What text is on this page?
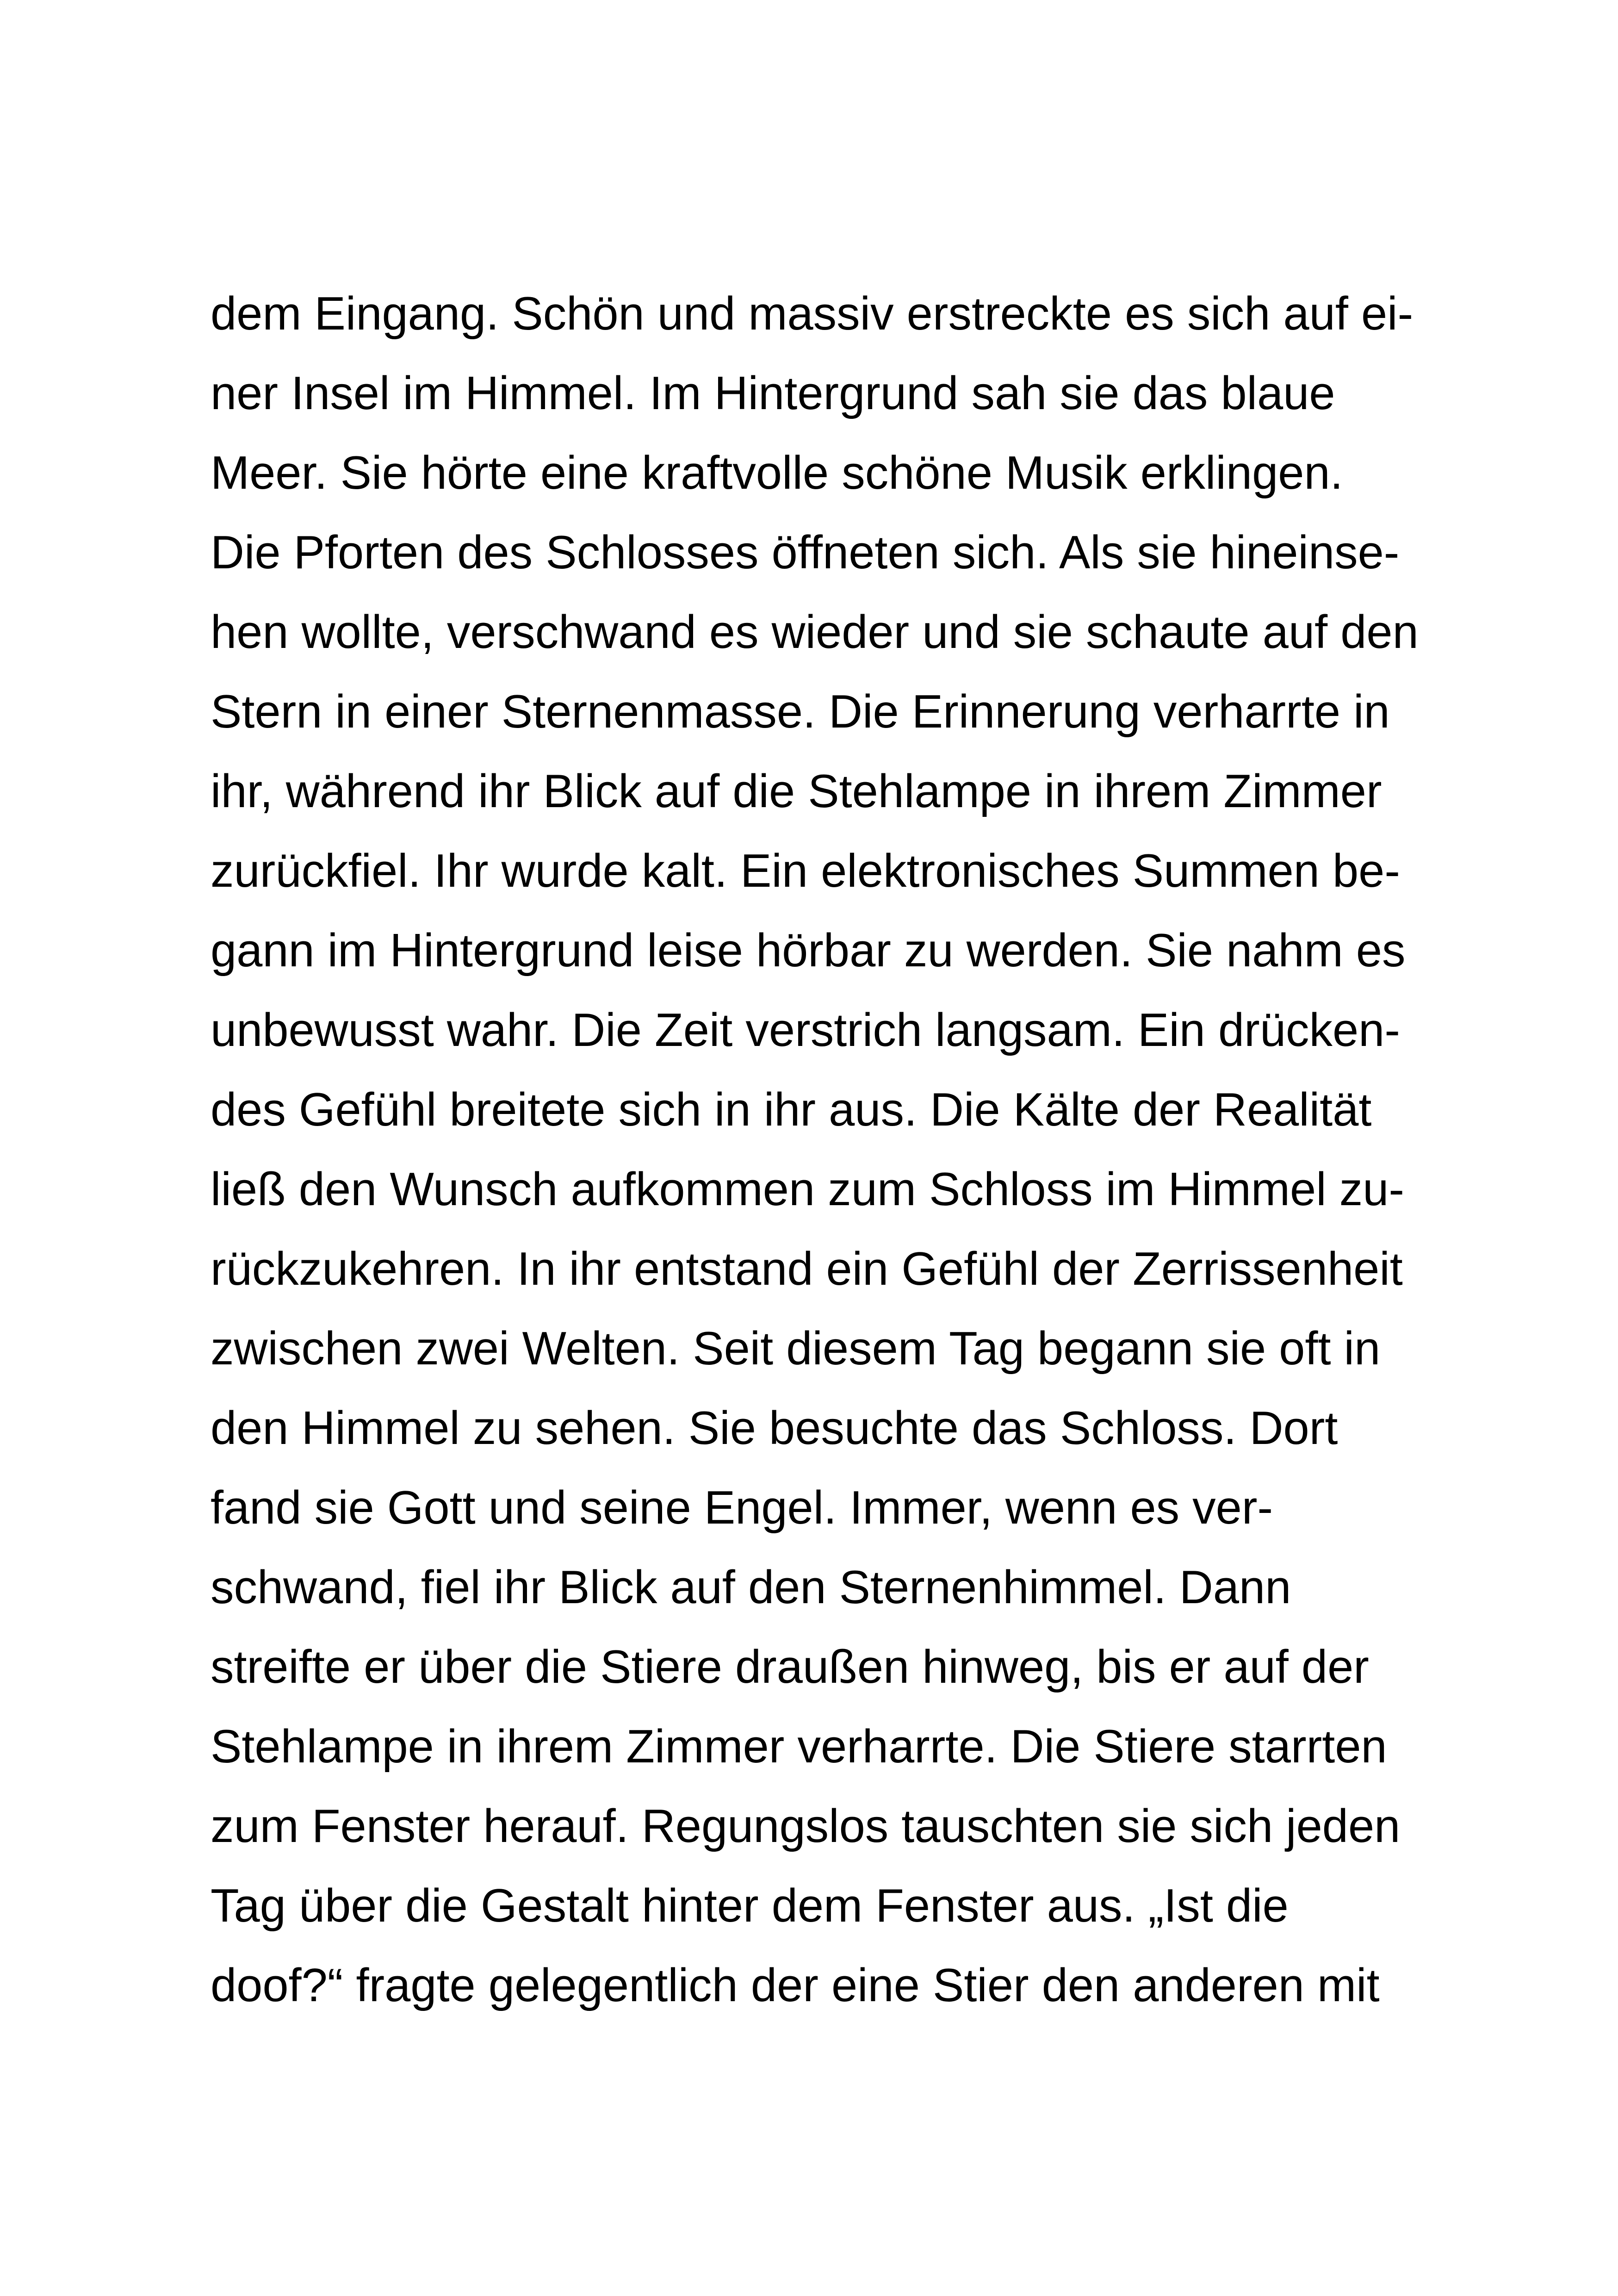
dem Eingang. Schön und massiv erstreckte es sich auf ei-
ner Insel im Himmel. Im Hintergrund sah sie das blaue
Meer. Sie hörte eine kraftvolle schöne Musik erklingen.
Die Pforten des Schlosses öffneten sich. Als sie hineinse-
hen wollte, verschwand es wieder und sie schaute auf den
Stern in einer Sternenmasse. Die Erinnerung verharrte in
ihr, während ihr Blick auf die Stehlampe in ihrem Zimmer
zurückfiel. Ihr wurde kalt. Ein elektronisches Summen be-
gann im Hintergrund leise hörbar zu werden. Sie nahm es
unbewusst wahr. Die Zeit verstrich langsam. Ein drücken-
des Gefühl breitete sich in ihr aus. Die Kälte der Realität
ließ den Wunsch aufkommen zum Schloss im Himmel zu-
rückzukehren. In ihr entstand ein Gefühl der Zerrissenheit
zwischen zwei Welten. Seit diesem Tag begann sie oft in
den Himmel zu sehen. Sie besuchte das Schloss. Dort
fand sie Gott und seine Engel. Immer, wenn es ver-
schwand, fiel ihr Blick auf den Sternenhimmel. Dann
streifte er über die Stiere draußen hinweg, bis er auf der
Stehlampe in ihrem Zimmer verharrte. Die Stiere starrten
zum Fenster herauf. Regungslos tauschten sie sich jeden
Tag über die Gestalt hinter dem Fenster aus. „Ist die
doof?“ fragte gelegentlich der eine Stier den anderen mit
